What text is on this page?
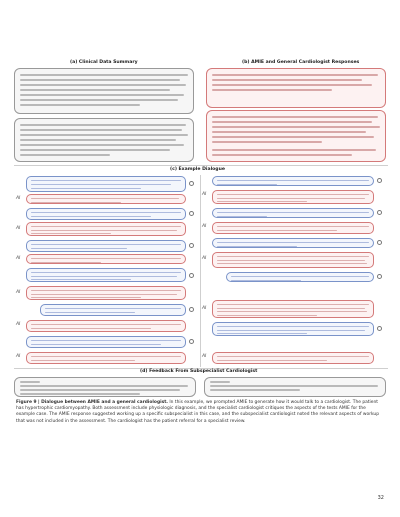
(a) Clinical Data Summary	(b) AMIE and General Cardiologist Responses
(c) Example Dialogue
AI
AI
AI
AI
AI
AI
AI
AI
AI
AI
AI
(d) Feedback From Subspecialist Cardiologist
Figure 9 | Dialogue between AMIE and a general cardiologist. In this example, we prompted AMIE to generate how it would talk to a cardiologist. The patient has hypertrophic cardiomyopathy. Both assessment include physiologic diagnosis, and the specialist cardiologist critiques the aspects of the tests AMIE for the example case. The AMIE response suggested working up a specific subspecialist in this case, and the subspecialist cardiologist noted the relevant aspects of workup that was not included in the assessment. The cardiologist has the patient referral for a specialist review.
32
